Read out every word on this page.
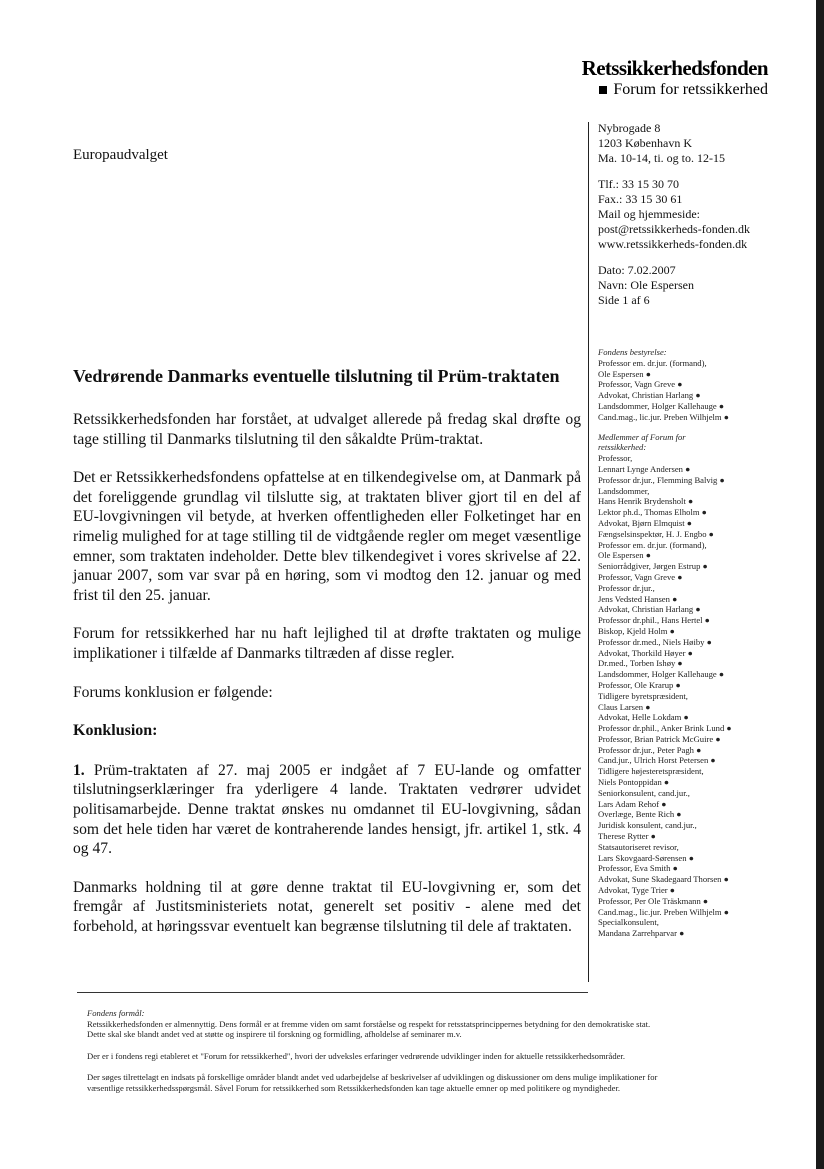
Retssikkerhedsfonden
Forum for retssikkerhed
Europaudvalget
Nybrogade 8
1203 København K
Ma. 10-14, ti. og to. 12-15
Tlf.: 33 15 30 70
Fax.: 33 15 30 61
Mail og hjemmeside:
post@retssikkerheds-fonden.dk
www.retssikkerheds-fonden.dk
Dato: 7.02.2007
Navn: Ole Espersen
Side 1 af 6
Fondens bestyrelse:
Professor em. dr.jur. (formand),
Ole Espersen ●
Professor, Vagn Greve ●
Advokat, Christian Harlang ●
Landsdommer, Holger Kallehauge ●
Cand.mag., lic.jur. Preben Wilhjelm ●
Medlemmer af Forum for
retssikkerhed:
Professor,
Lennart Lynge Andersen ●
Professor dr.jur., Flemming Balvig ●
Landsdommer,
Hans Henrik Brydensholt ●
Lektor ph.d., Thomas Elholm ●
Advokat, Bjørn Elmquist ●
Fængselsinspektør, H. J. Engbo ●
Professor em. dr.jur. (formand),
Ole Espersen ●
Seniorrådgiver, Jørgen Estrup ●
Professor, Vagn Greve ●
Professor dr.jur.,
Jens Vedsted Hansen ●
Advokat, Christian Harlang ●
Professor dr.phil., Hans Hertel ●
Biskop, Kjeld Holm ●
Professor dr.med., Niels Høiby ●
Advokat, Thorkild Høyer ●
Dr.med., Torben Ishøy ●
Landsdommer, Holger Kallehauge ●
Professor, Ole Krarup ●
Tidligere byretspræsident,
Claus Larsen ●
Advokat, Helle Lokdam ●
Professor dr.phil., Anker Brink Lund ●
Professor, Brian Patrick McGuire ●
Professor dr.jur., Peter Pagh ●
Cand.jur., Ulrich Horst Petersen ●
Tidligere højesteretspræsident,
Niels Pontoppidan ●
Seniorkonsulent, cand.jur.,
Lars Adam Rehof ●
Overlæge, Bente Rich ●
Juridisk konsulent, cand.jur.,
Therese Rytter ●
Statsautoriseret revisor,
Lars Skovgaard-Sørensen ●
Professor, Eva Smith ●
Advokat, Sune Skadegaard Thorsen ●
Advokat, Tyge Trier ●
Professor, Per Ole Träskmann ●
Cand.mag., lic.jur. Preben Wilhjelm ●
Specialkonsulent,
Mandana Zarrehparvar ●
Vedrørende Danmarks eventuelle tilslutning til Prüm-traktaten

Retssikkerhedsfonden har forstået, at udvalget allerede på fredag skal drøfte og tage stilling til Danmarks tilslutning til den såkaldte Prüm-traktat.

Det er Retssikkerhedsfondens opfattelse at en tilkendegivelse om, at Danmark på det foreliggende grundlag vil tilslutte sig, at traktaten bliver gjort til en del af EU-lovgivningen vil betyde, at hverken offentligheden eller Folketinget har en rimelig mulighed for at tage stilling til de vidtgående regler om meget væsentlige emner, som traktaten indeholder. Dette blev tilkendegivet i vores skrivelse af 22. januar 2007, som var svar på en høring, som vi modtog den 12. januar og med frist til den 25. januar.

Forum for retssikkerhed har nu haft lejlighed til at drøfte traktaten og mulige implikationer i tilfælde af Danmarks tiltræden af disse regler.

Forums konklusion er følgende:

Konklusion:

1. Prüm-traktaten af 27. maj 2005 er indgået af 7 EU-lande og omfatter tilslutningserklæringer fra yderligere 4 lande. Traktaten vedrører udvidet politisamarbejde. Denne traktat ønskes nu omdannet til EU-lovgivning, sådan som det hele tiden har været de kontraherende landes hensigt, jfr. artikel 1, stk. 4 og 47.

Danmarks holdning til at gøre denne traktat til EU-lovgivning er, som det fremgår af Justitsministeriets notat, generelt set positiv - alene med det forbehold, at høringssvar eventuelt kan begrænse tilslutning til dele af traktaten.

Fondens formål:

Retssikkerhedsfonden er almennyttig. Dens formål er at fremme viden om samt forståelse og respekt for retsstatsprincippernes betydning for den demokratiske stat.
Dette skal ske blandt andet ved at støtte og inspirere til forskning og formidling, afholdelse af seminarer m.v.

Der er i fondens regi etableret et "Forum for retssikkerhed", hvori der udveksles erfaringer vedrørende udviklinger inden for aktuelle retssikkerhedsområder.

Der søges tilrettelagt en indsats på forskellige områder blandt andet ved udarbejdelse af beskrivelser af udviklingen og diskussioner om dens mulige implikationer for
væsentlige retssikkerhedsspørgsmål. Såvel Forum for retssikkerhed som Retssikkerhedsfonden kan tage aktuelle emner op med politikere og myndigheder.
